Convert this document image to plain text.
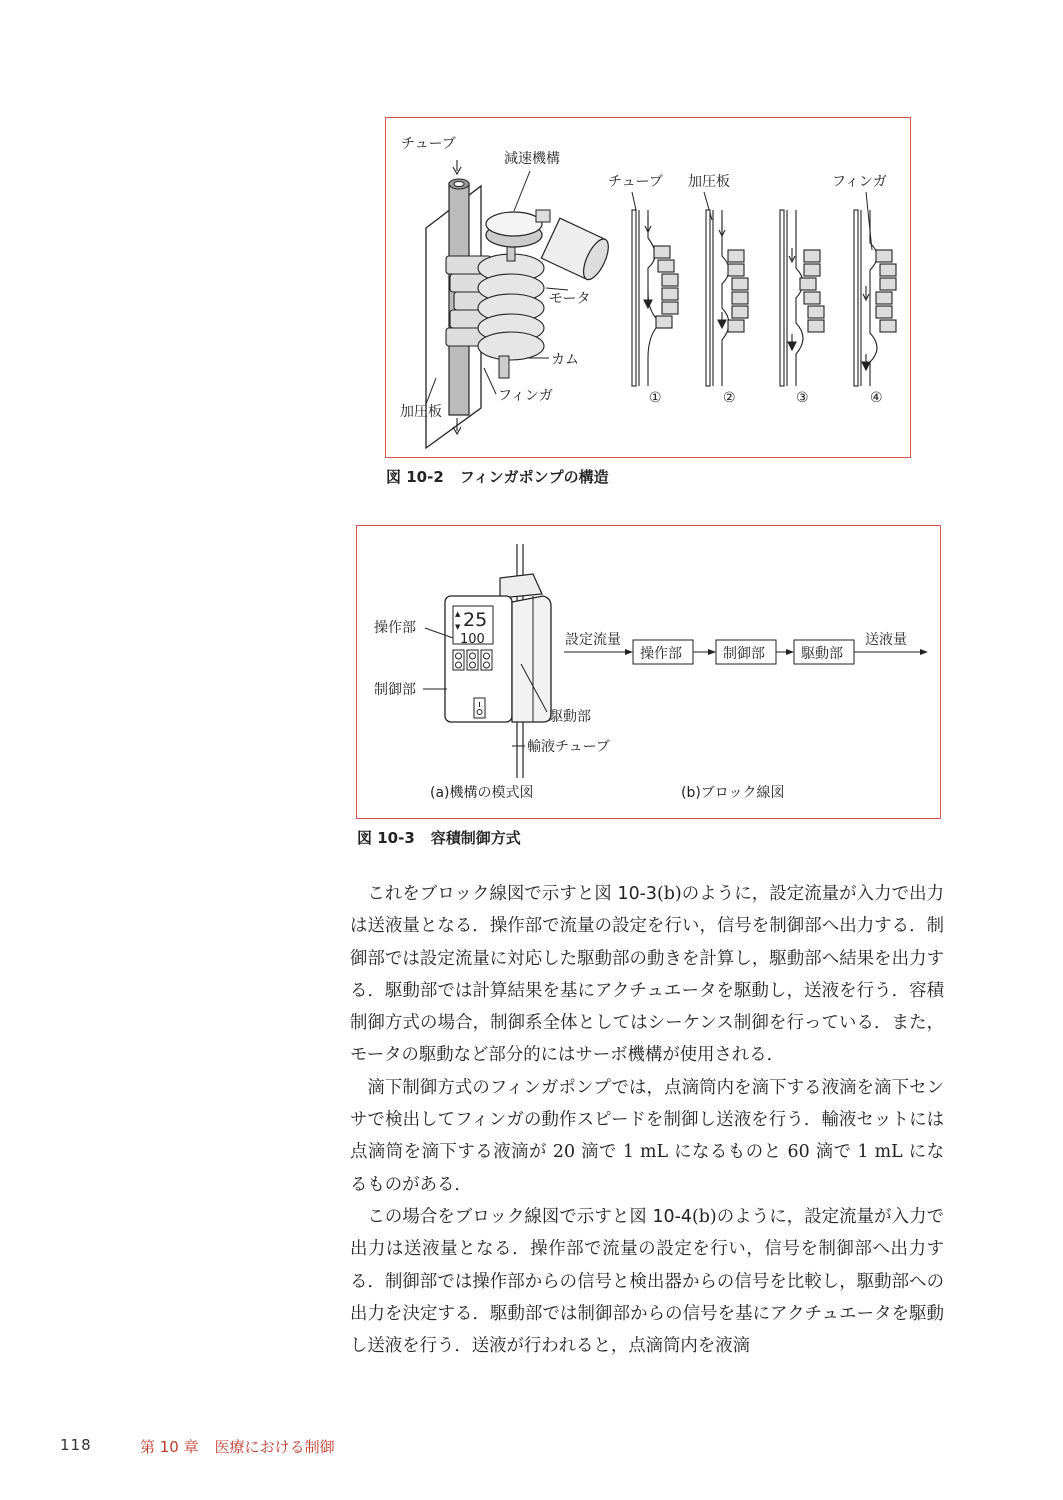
チューブ
減速機構
モータ
カム
フィンガ
加圧板
チューブ 加圧板	フィンガ
①	②	③	④
図 10-2 フィンガポンプの構造
▲
▼ 25
100
操作部
制御部
駆動部
輸液チューブ
設定流量
操作部	制御部	駆動部
送液量
(a)機構の模式図	(b)ブロック線図
図 10-3 容積制御方式

これをブロック線図で示すと図 10-3(b)のように，設定流量が入力で出力は送液量となる．操作部で流量の設定を行い，信号を制御部へ出力する．制御部では設定流量に対応した駆動部の動きを計算し，駆動部へ結果を出力する．駆動部では計算結果を基にアクチュエータを駆動し，送液を行う．容積制御方式の場合，制御系全体としてはシーケンス制御を行っている．また，モータの駆動など部分的にはサーボ機構が使用される．

滴下制御方式のフィンガポンプでは，点滴筒内を滴下する液滴を滴下センサで検出してフィンガの動作スピードを制御し送液を行う．輸液セットには点滴筒を滴下する液滴が 20 滴で 1 mL になるものと 60 滴で 1 mL になるものがある．

この場合をブロック線図で示すと図 10-4(b)のように，設定流量が入力で出力は送液量となる．操作部で流量の設定を行い，信号を制御部へ出力する．制御部では操作部からの信号と検出器からの信号を比較し，駆動部への出力を決定する．駆動部では制御部からの信号を基にアクチュエータを駆動し送液を行う．送液が行われると，点滴筒内を液滴

118	第 10 章 医療における制御
